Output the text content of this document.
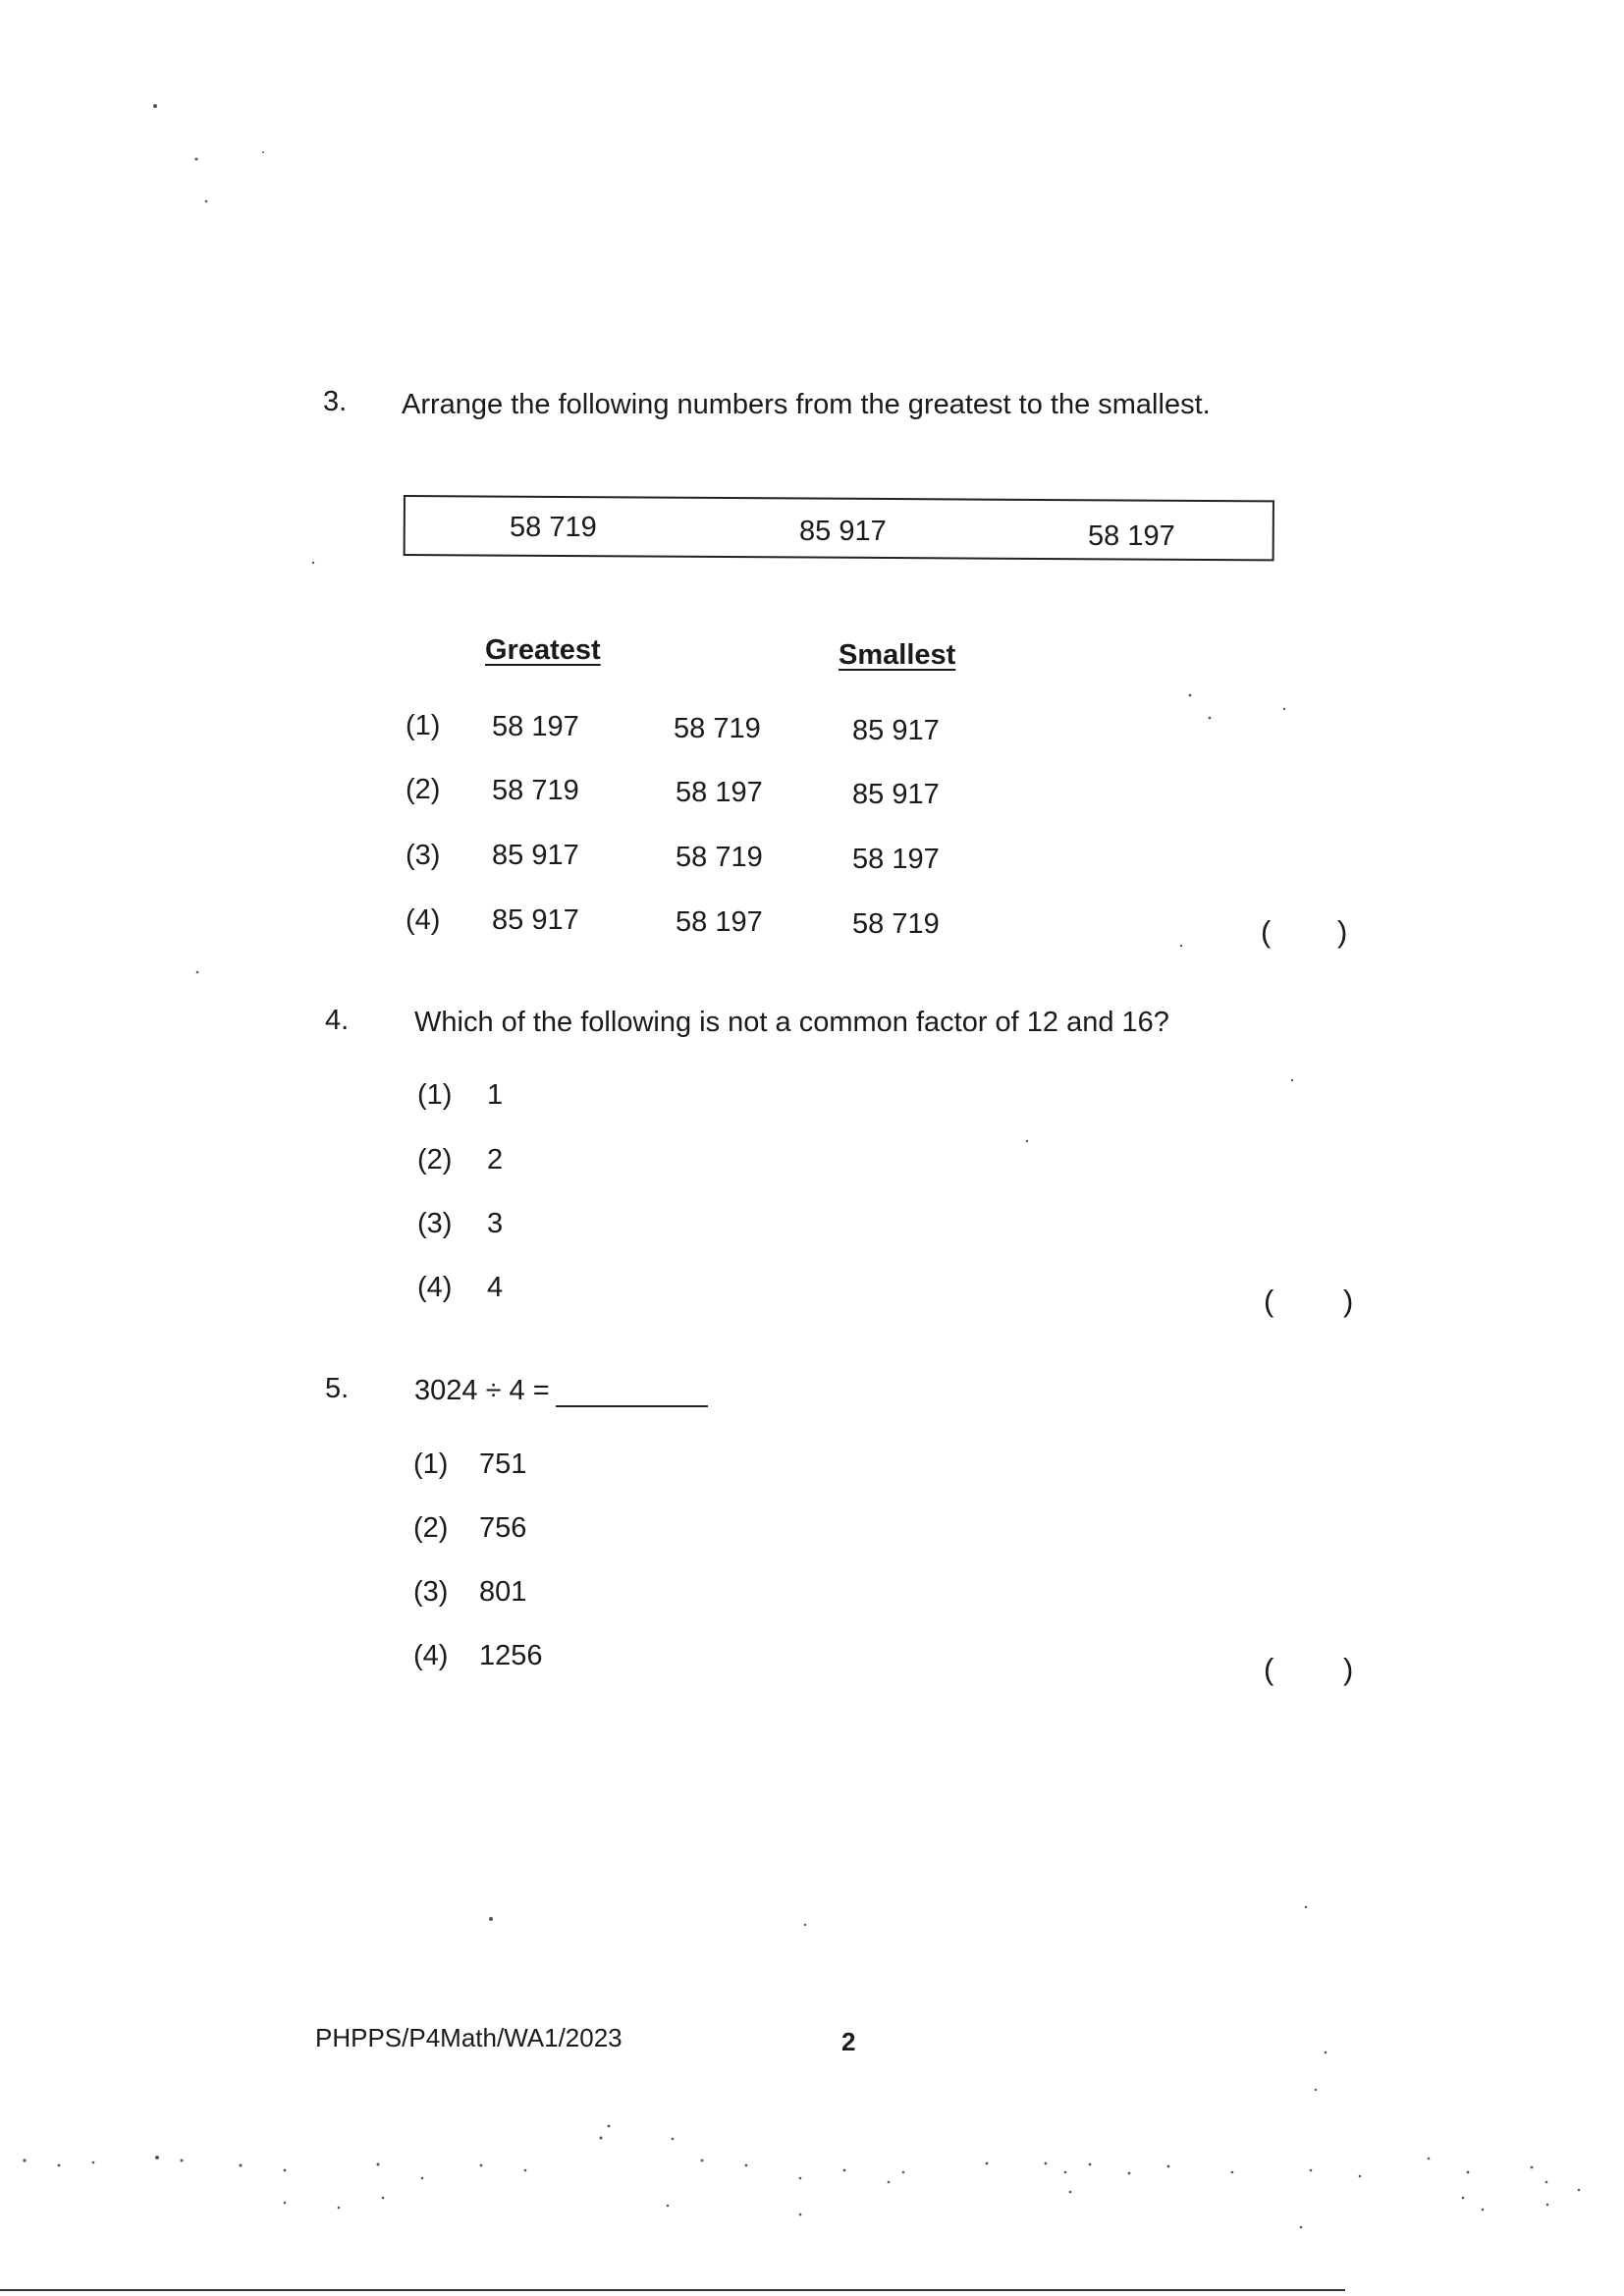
3. Arrange the following numbers from the greatest to the smallest.
58 719	85 917	58 197
Greatest	Smallest
(1) 58 197	58 719	85 917
(2) 58 719	58 197	85 917
(3) 85 917	58 719	58 197
(4) 85 917	58 197	58 719	( )
4. Which of the following is not a common factor of 12 and 16?
(1) 1
(2) 2
(3) 3
(4) 4	( )
5. 3024 ÷ 4 =
(1) 751
(2) 756
(3) 801
(4) 1256	( )
PHPPS/P4Math/WA1/2023	2
